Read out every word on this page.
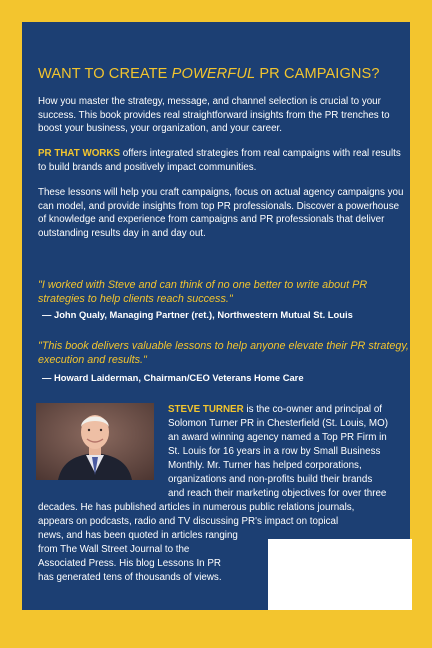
WANT TO CREATE POWERFUL PR CAMPAIGNS?

How you master the strategy, message, and channel selection is crucial to your success. This book provides real straightforward insights from the PR trenches to boost your business, your organization, and your career.

PR THAT WORKS offers integrated strategies from real campaigns with real results to build brands and positively impact communities.

These lessons will help you craft campaigns, focus on actual agency campaigns you can model, and provide insights from top PR professionals. Discover a powerhouse of knowledge and experience from campaigns and PR professionals that deliver outstanding results day in and day out.

"I worked with Steve and can think of no one better to write about PR strategies to help clients reach success."

— John Qualy, Managing Partner (ret.), Northwestern Mutual St. Louis

"This book delivers valuable lessons to help anyone elevate their PR strategy, execution and results."

— Howard Laiderman, Chairman/CEO Veterans Home Care

STEVE TURNER is the co-owner and principal of

Solomon Turner PR in Chesterfield (St. Louis, MO)

an award winning agency named a Top PR Firm in

St. Louis for 16 years in a row by Small Business

Monthly. Mr. Turner has helped corporations,

organizations and non-profits build their brands

and reach their marketing objectives for over three

decades. He has published articles in numerous public relations journals,

appears on podcasts, radio and TV discussing PR's impact on topical

news, and has been quoted in articles ranging

from The Wall Street Journal to the

Associated Press. His blog Lessons In PR

has generated tens of thousands of views.
